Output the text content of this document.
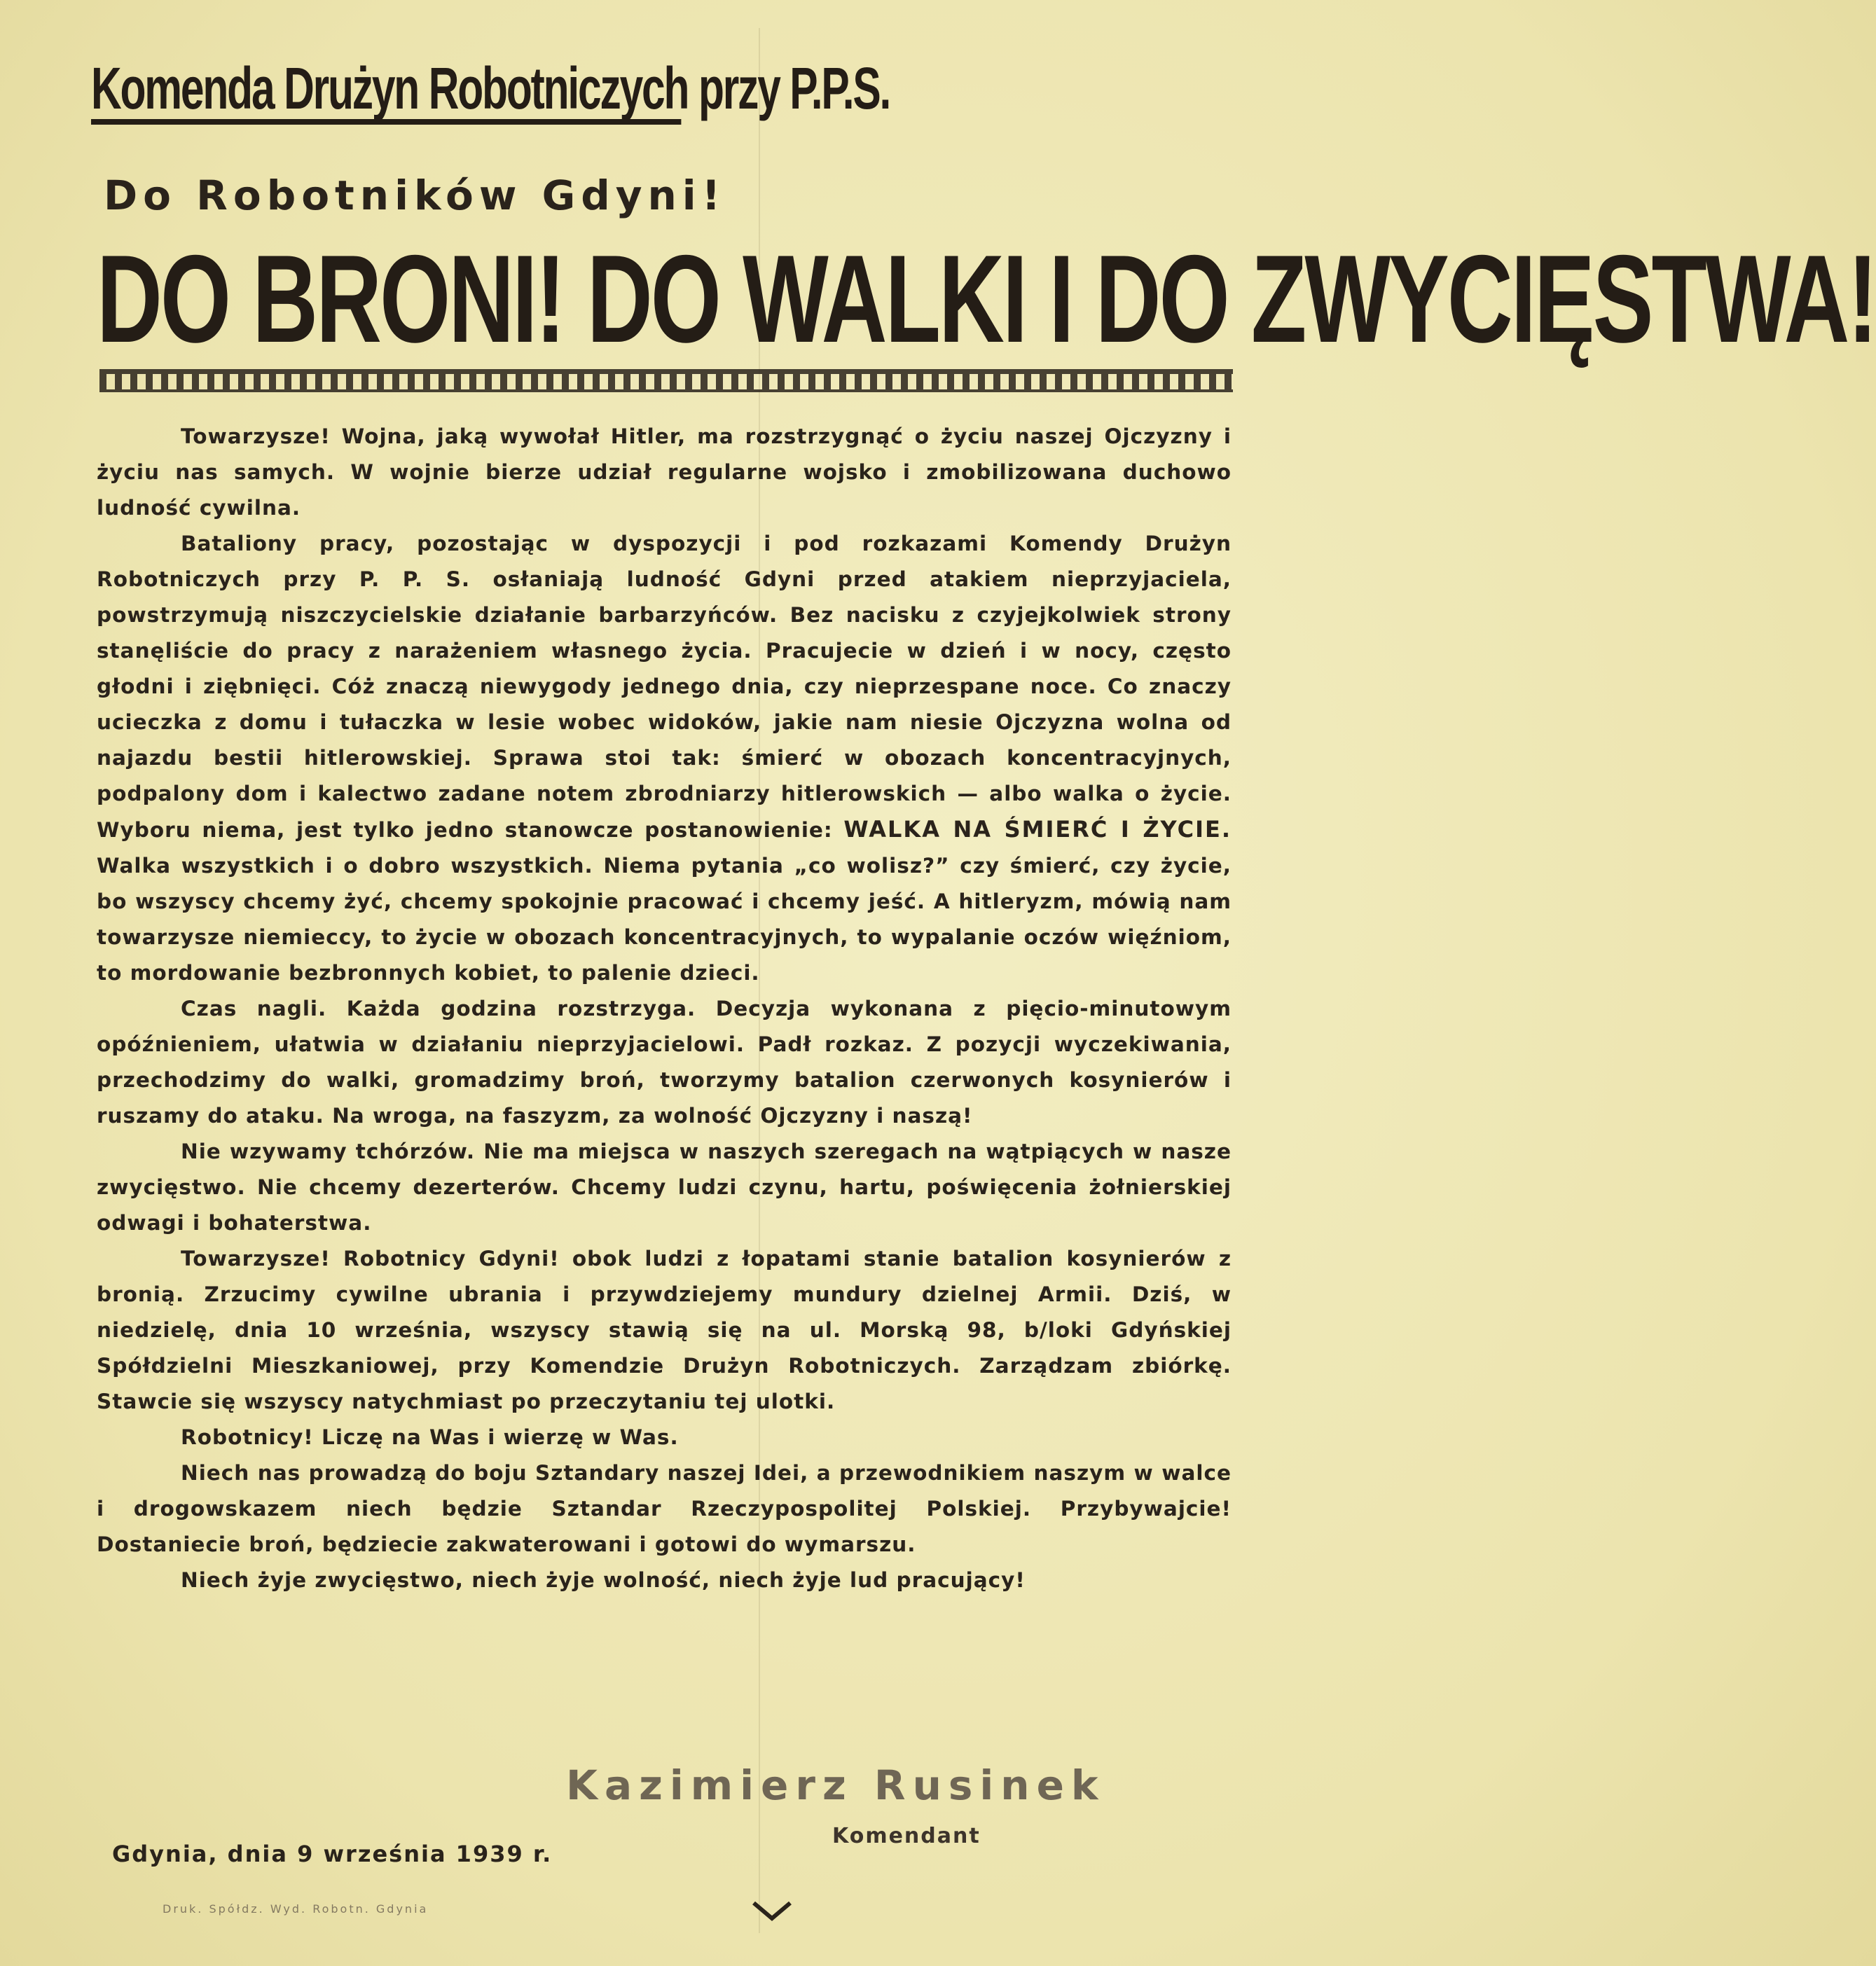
Komenda Drużyn Robotniczych przy P.P.S.
Do Robotników Gdyni!
DO BRONI! DO WALKI I DO ZWYCIĘSTWA!

Towarzysze! Wojna, jaką wywołał Hitler, ma rozstrzygnąć o życiu naszej Ojczyzny i życiu nas samych. W wojnie bierze udział regularne wojsko i zmobilizowana duchowo ludność cywilna.

Bataliony pracy, pozostając w dyspozycji i pod rozkazami Komendy Drużyn Robotniczych przy P. P. S. osłaniają ludność Gdyni przed atakiem nieprzyjaciela, powstrzymują niszczycielskie działanie barbarzyńców. Bez nacisku z czyjejkolwiek strony stanęliście do pracy z narażeniem własnego życia. Pracujecie w dzień i w nocy, często głodni i ziębnięci. Cóż znaczą niewygody jednego dnia, czy nieprzespane noce. Co znaczy ucieczka z domu i tułaczka w lesie wobec widoków, jakie nam niesie Ojczyzna wolna od najazdu bestii hitlerowskiej. Sprawa stoi tak: śmierć w obozach koncentracyjnych, podpalony dom i kalectwo zadane notem zbrodniarzy hitlerowskich — albo walka o życie. Wyboru niema, jest tylko jedno stanowcze postanowienie: WALKA NA ŚMIERĆ I ŻYCIE. Walka wszystkich i o dobro wszystkich. Niema pytania „co wolisz?” czy śmierć, czy życie, bo wszyscy chcemy żyć, chcemy spokojnie pracować i chcemy jeść. A hitleryzm, mówią nam towarzysze niemieccy, to życie w obozach koncentracyjnych, to wypalanie oczów więźniom, to mordowanie bezbronnych kobiet, to palenie dzieci.

Czas nagli. Każda godzina rozstrzyga. Decyzja wykonana z pięcio-minutowym opóźnieniem, ułatwia w działaniu nieprzyjacielowi. Padł rozkaz. Z pozycji wyczekiwania, przechodzimy do walki, gromadzimy broń, tworzymy batalion czerwonych kosynierów i ruszamy do ataku. Na wroga, na faszyzm, za wolność Ojczyzny i naszą!

Nie wzywamy tchórzów. Nie ma miejsca w naszych szeregach na wątpiących w nasze zwycięstwo. Nie chcemy dezerterów. Chcemy ludzi czynu, hartu, poświęcenia żołnierskiej odwagi i bohaterstwa.

Towarzysze! Robotnicy Gdyni! obok ludzi z łopatami stanie batalion kosynierów z bronią. Zrzucimy cywilne ubrania i przywdziejemy mundury dzielnej Armii. Dziś, w niedzielę, dnia 10 września, wszyscy stawią się na ul. Morską 98, b/loki Gdyńskiej Spółdzielni Mieszkaniowej, przy Komendzie Drużyn Robotniczych. Zarządzam zbiórkę. Stawcie się wszyscy natychmiast po przeczytaniu tej ulotki.

Robotnicy! Liczę na Was i wierzę w Was.

Niech nas prowadzą do boju Sztandary naszej Idei, a przewodnikiem naszym w walce i drogowskazem niech będzie Sztandar Rzeczypospolitej Polskiej. Przybywajcie! Dostaniecie broń, będziecie zakwaterowani i gotowi do wymarszu.

Niech żyje zwycięstwo, niech żyje wolność, niech żyje lud pracujący!

Kazimierz Rusinek
Komendant
Gdynia, dnia 9 września 1939 r.
Druk. Spółdz. Wyd. Robotn. Gdynia
